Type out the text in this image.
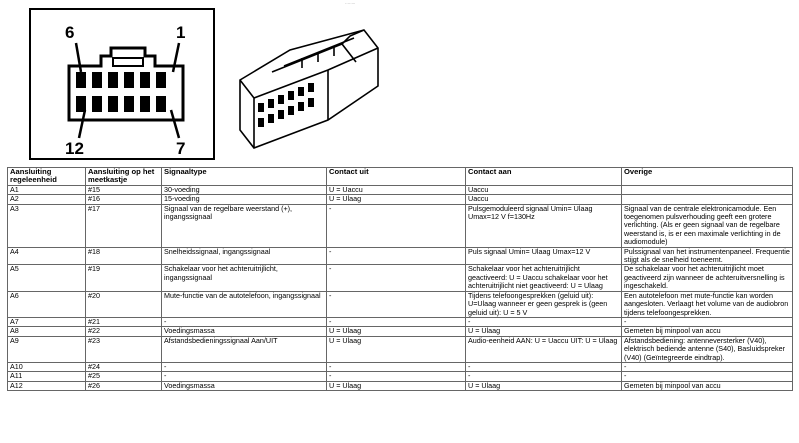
……..
6	1
12	7
Aansluiting regeleenheid	Aansluiting op het meetkastje	Signaaltype	Contact uit	Contact aan	Overige
A1	#15	30-voeding	U = Uaccu	Uaccu	
A2	#16	15-voeding	U = Ulaag	Uaccu	
A3	#17	Signaal van de regelbare weerstand (+), ingangssignaal	-	Pulsgemoduleerd signaal Umin= Ulaag Umax=12 V f=130Hz	Signaal van de centrale elektronicamodule. Een toegenomen pulsverhouding geeft een grotere verlichting. (Als er geen signaal van de regelbare weerstand is, is er een maximale verlichting in de audiomodule)
A4	#18	Snelheidssignaal, ingangssignaal	-	Puls signaal Umin= Ulaag Umax=12 V	Pulssignaal van het instrumentenpaneel. Frequentie stijgt als de snelheid toeneemt.
A5	#19	Schakelaar voor het achteruitrijlicht, ingangssignaal	-	Schakelaar voor het achteruitrijlicht geactiveerd: U = Uaccu schakelaar voor het achteruitrijlicht niet geactiveerd: U = Ulaag	De schakelaar voor het achteruitrijlicht moet geactiveerd zijn wanneer de achteruitversnelling is ingeschakeld.
A6	#20	Mute-functie van de autotelefoon, ingangssignaal	-	Tijdens telefoongesprekken (geluid uit): U=Ulaag wanneer er geen gesprek is (geen geluid uit): U = 5 V	Een autotelefoon met mute-functie kan worden aangesloten. Verlaagt het volume van de audiobron tijdens telefoongesprekken.
A7	#21	-	-	-	-
A8	#22	Voedingsmassa	U = Ulaag	U = Ulaag	Gemeten bij minpool van accu
A9	#23	Afstandsbedieningssignaal Aan/UIT	U = Ulaag	Audio-eenheid AAN: U = Uaccu UIT: U = Ulaag	Afstandsbediening: antenneversterker (V40), elektrisch bediende antenne (S40), Basluidspreker (V40) (Geïntegreerde eindtrap).
A10	#24	-	-	-	-
A11	#25	-	-	-	-
A12	#26	Voedingsmassa	U = Ulaag	U = Ulaag	Gemeten bij minpool van accu
